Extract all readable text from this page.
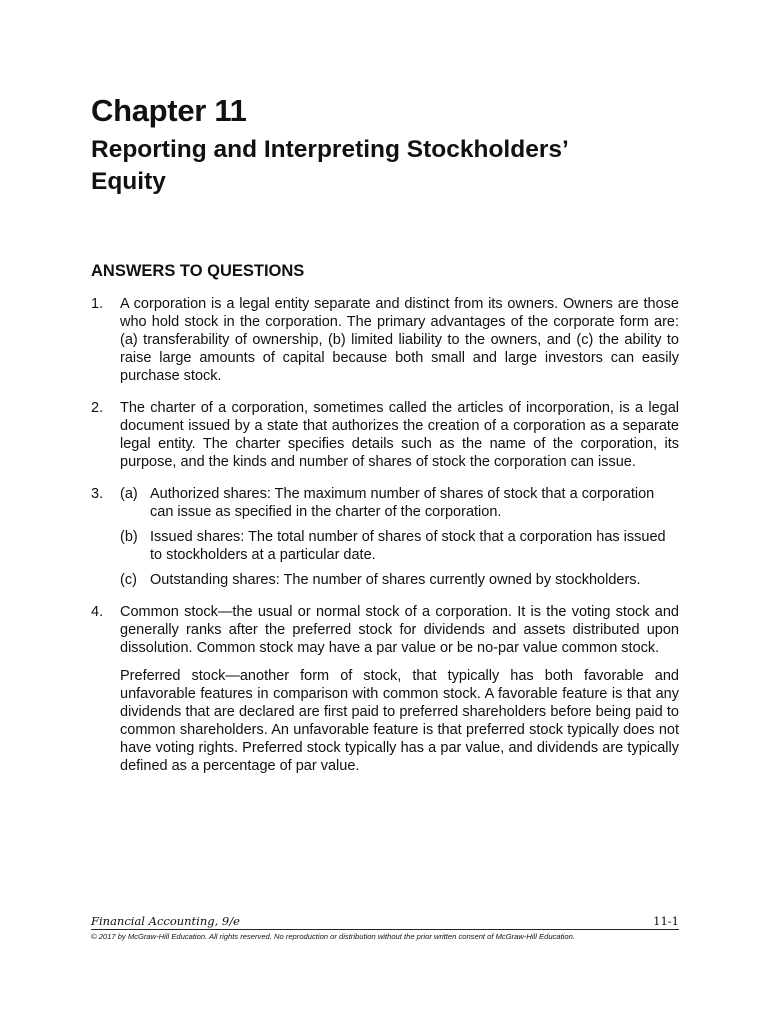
Chapter 11
Reporting and Interpreting Stockholders’
Equity
ANSWERS TO QUESTIONS
1. A corporation is a legal entity separate and distinct from its owners. Owners are those who hold stock in the corporation. The primary advantages of the corporate form are: (a) transferability of ownership, (b) limited liability to the owners, and (c) the ability to raise large amounts of capital because both small and large investors can easily purchase stock.

2. The charter of a corporation, sometimes called the articles of incorporation, is a legal document issued by a state that authorizes the creation of a corporation as a separate legal entity. The charter specifies details such as the name of the corporation, its purpose, and the kinds and number of shares of stock the corporation can issue.

3. (a) Authorized shares: The maximum number of shares of stock that a corporation can issue as specified in the charter of the corporation.

(b) Issued shares: The total number of shares of stock that a corporation has issued to stockholders at a particular date.

(c) Outstanding shares: The number of shares currently owned by stockholders.

4. Common stock—the usual or normal stock of a corporation. It is the voting stock and generally ranks after the preferred stock for dividends and assets distributed upon dissolution. Common stock may have a par value or be no-par value common stock.

Preferred stock—another form of stock, that typically has both favorable and unfavorable features in comparison with common stock. A favorable feature is that any dividends that are declared are first paid to preferred shareholders before being paid to common shareholders. An unfavorable feature is that preferred stock typically does not have voting rights. Preferred stock typically has a par value, and dividends are typically defined as a percentage of par value.

Financial Accounting, 9/e	11-1
© 2017 by McGraw-Hill Education. All rights reserved. No reproduction or distribution without the prior written consent of McGraw-Hill Education.
